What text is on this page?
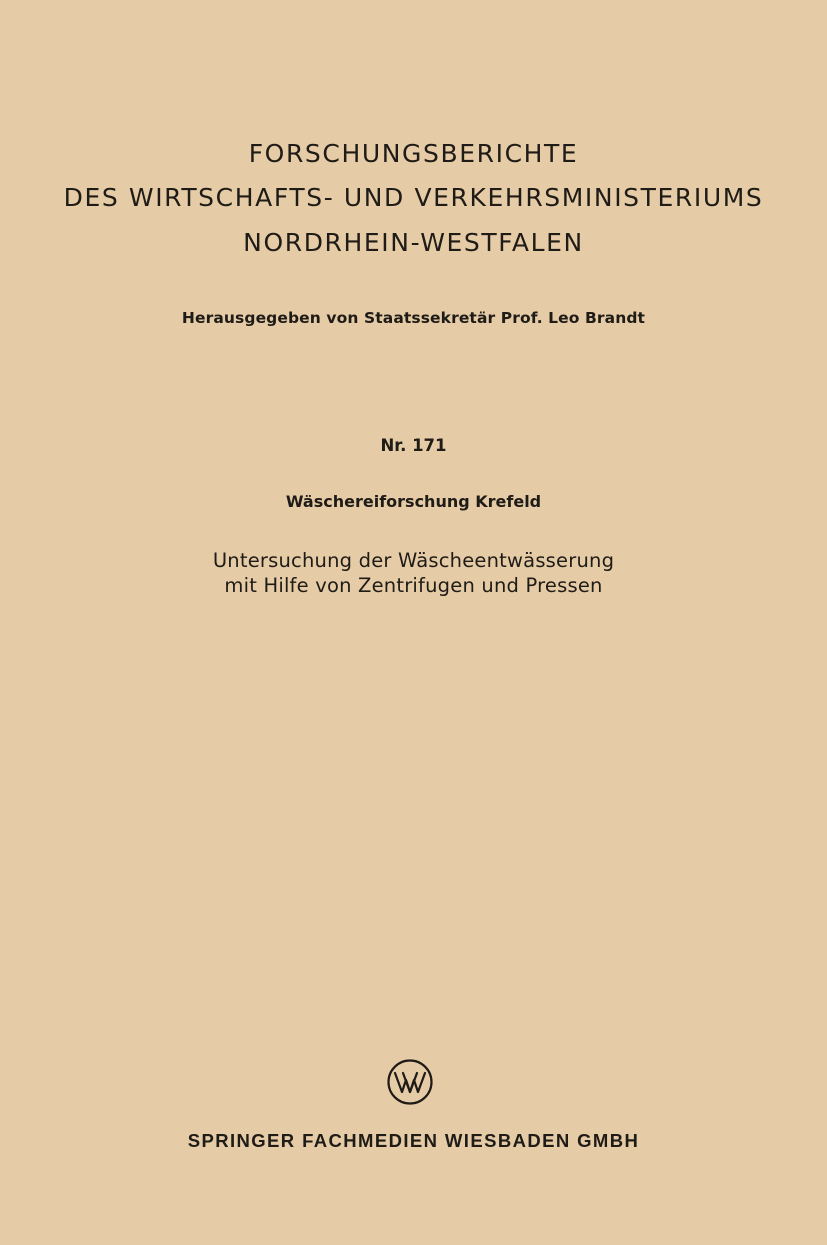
FORSCHUNGSBERICHTE
DES WIRTSCHAFTS- UND VERKEHRSMINISTERIUMS
NORDRHEIN-WESTFALEN
Herausgegeben von Staatssekretär Prof. Leo Brandt
Nr. 171
Wäschereiforschung Krefeld
Untersuchung der Wäscheentwässerung
mit Hilfe von Zentrifugen und Pressen
SPRINGER FACHMEDIEN WIESBADEN GMBH
